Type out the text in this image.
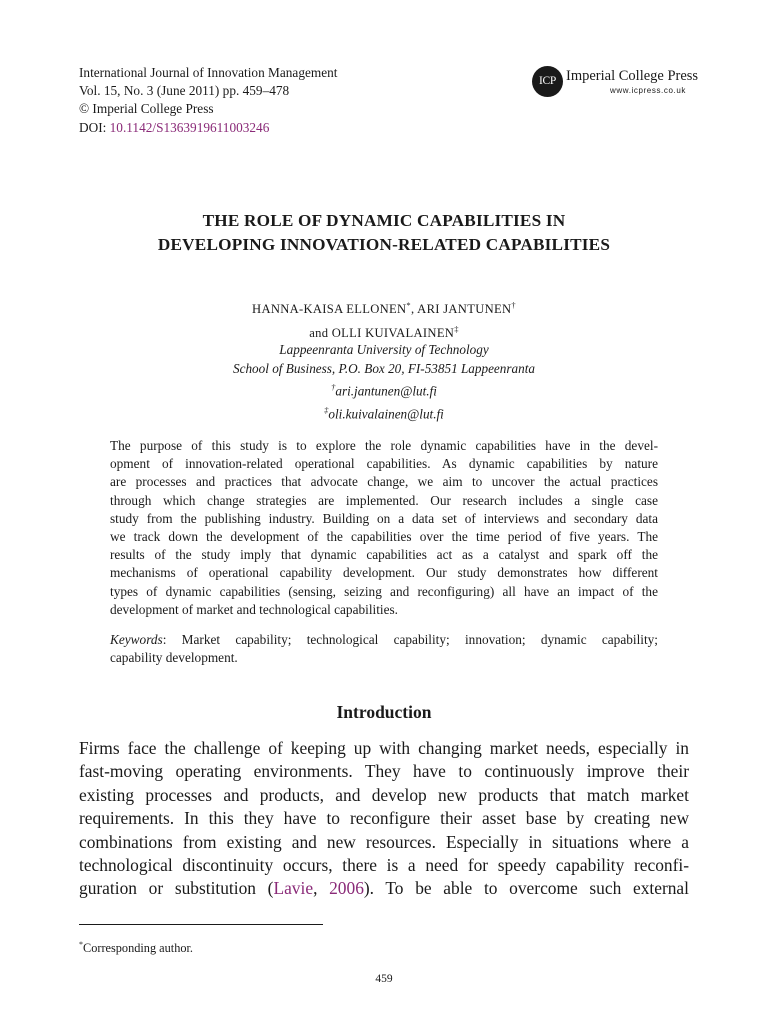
International Journal of Innovation Management
Vol. 15, No. 3 (June 2011) pp. 459–478
© Imperial College Press
DOI: 10.1142/S1363919611003246
ICP Imperial College Press
www.icpress.co.uk
THE ROLE OF DYNAMIC CAPABILITIES IN
DEVELOPING INNOVATION-RELATED CAPABILITIES
HANNA-KAISA ELLONEN*, ARI JANTUNEN†
and OLLI KUIVALAINEN‡
Lappeenranta University of Technology
School of Business, P.O. Box 20, FI-53851 Lappeenranta
†ari.jantunen@lut.fi
‡oli.kuivalainen@lut.fi
The purpose of this study is to explore the role dynamic capabilities have in the devel-
opment of innovation-related operational capabilities. As dynamic capabilities by nature
are processes and practices that advocate change, we aim to uncover the actual practices
through which change strategies are implemented. Our research includes a single case
study from the publishing industry. Building on a data set of interviews and secondary data
we track down the development of the capabilities over the time period of five years. The
results of the study imply that dynamic capabilities act as a catalyst and spark off the
mechanisms of operational capability development. Our study demonstrates how different
types of dynamic capabilities (sensing, seizing and reconfiguring) all have an impact of the
development of market and technological capabilities.
Keywords: Market capability; technological capability; innovation; dynamic capability;
capability development.
Introduction
Firms face the challenge of keeping up with changing market needs, especially in
fast-moving operating environments. They have to continuously improve their
existing processes and products, and develop new products that match market
requirements. In this they have to reconfigure their asset base by creating new
combinations from existing and new resources. Especially in situations where a
technological discontinuity occurs, there is a need for speedy capability reconfi-
guration or substitution (Lavie, 2006). To be able to overcome such external
*Corresponding author.
459
